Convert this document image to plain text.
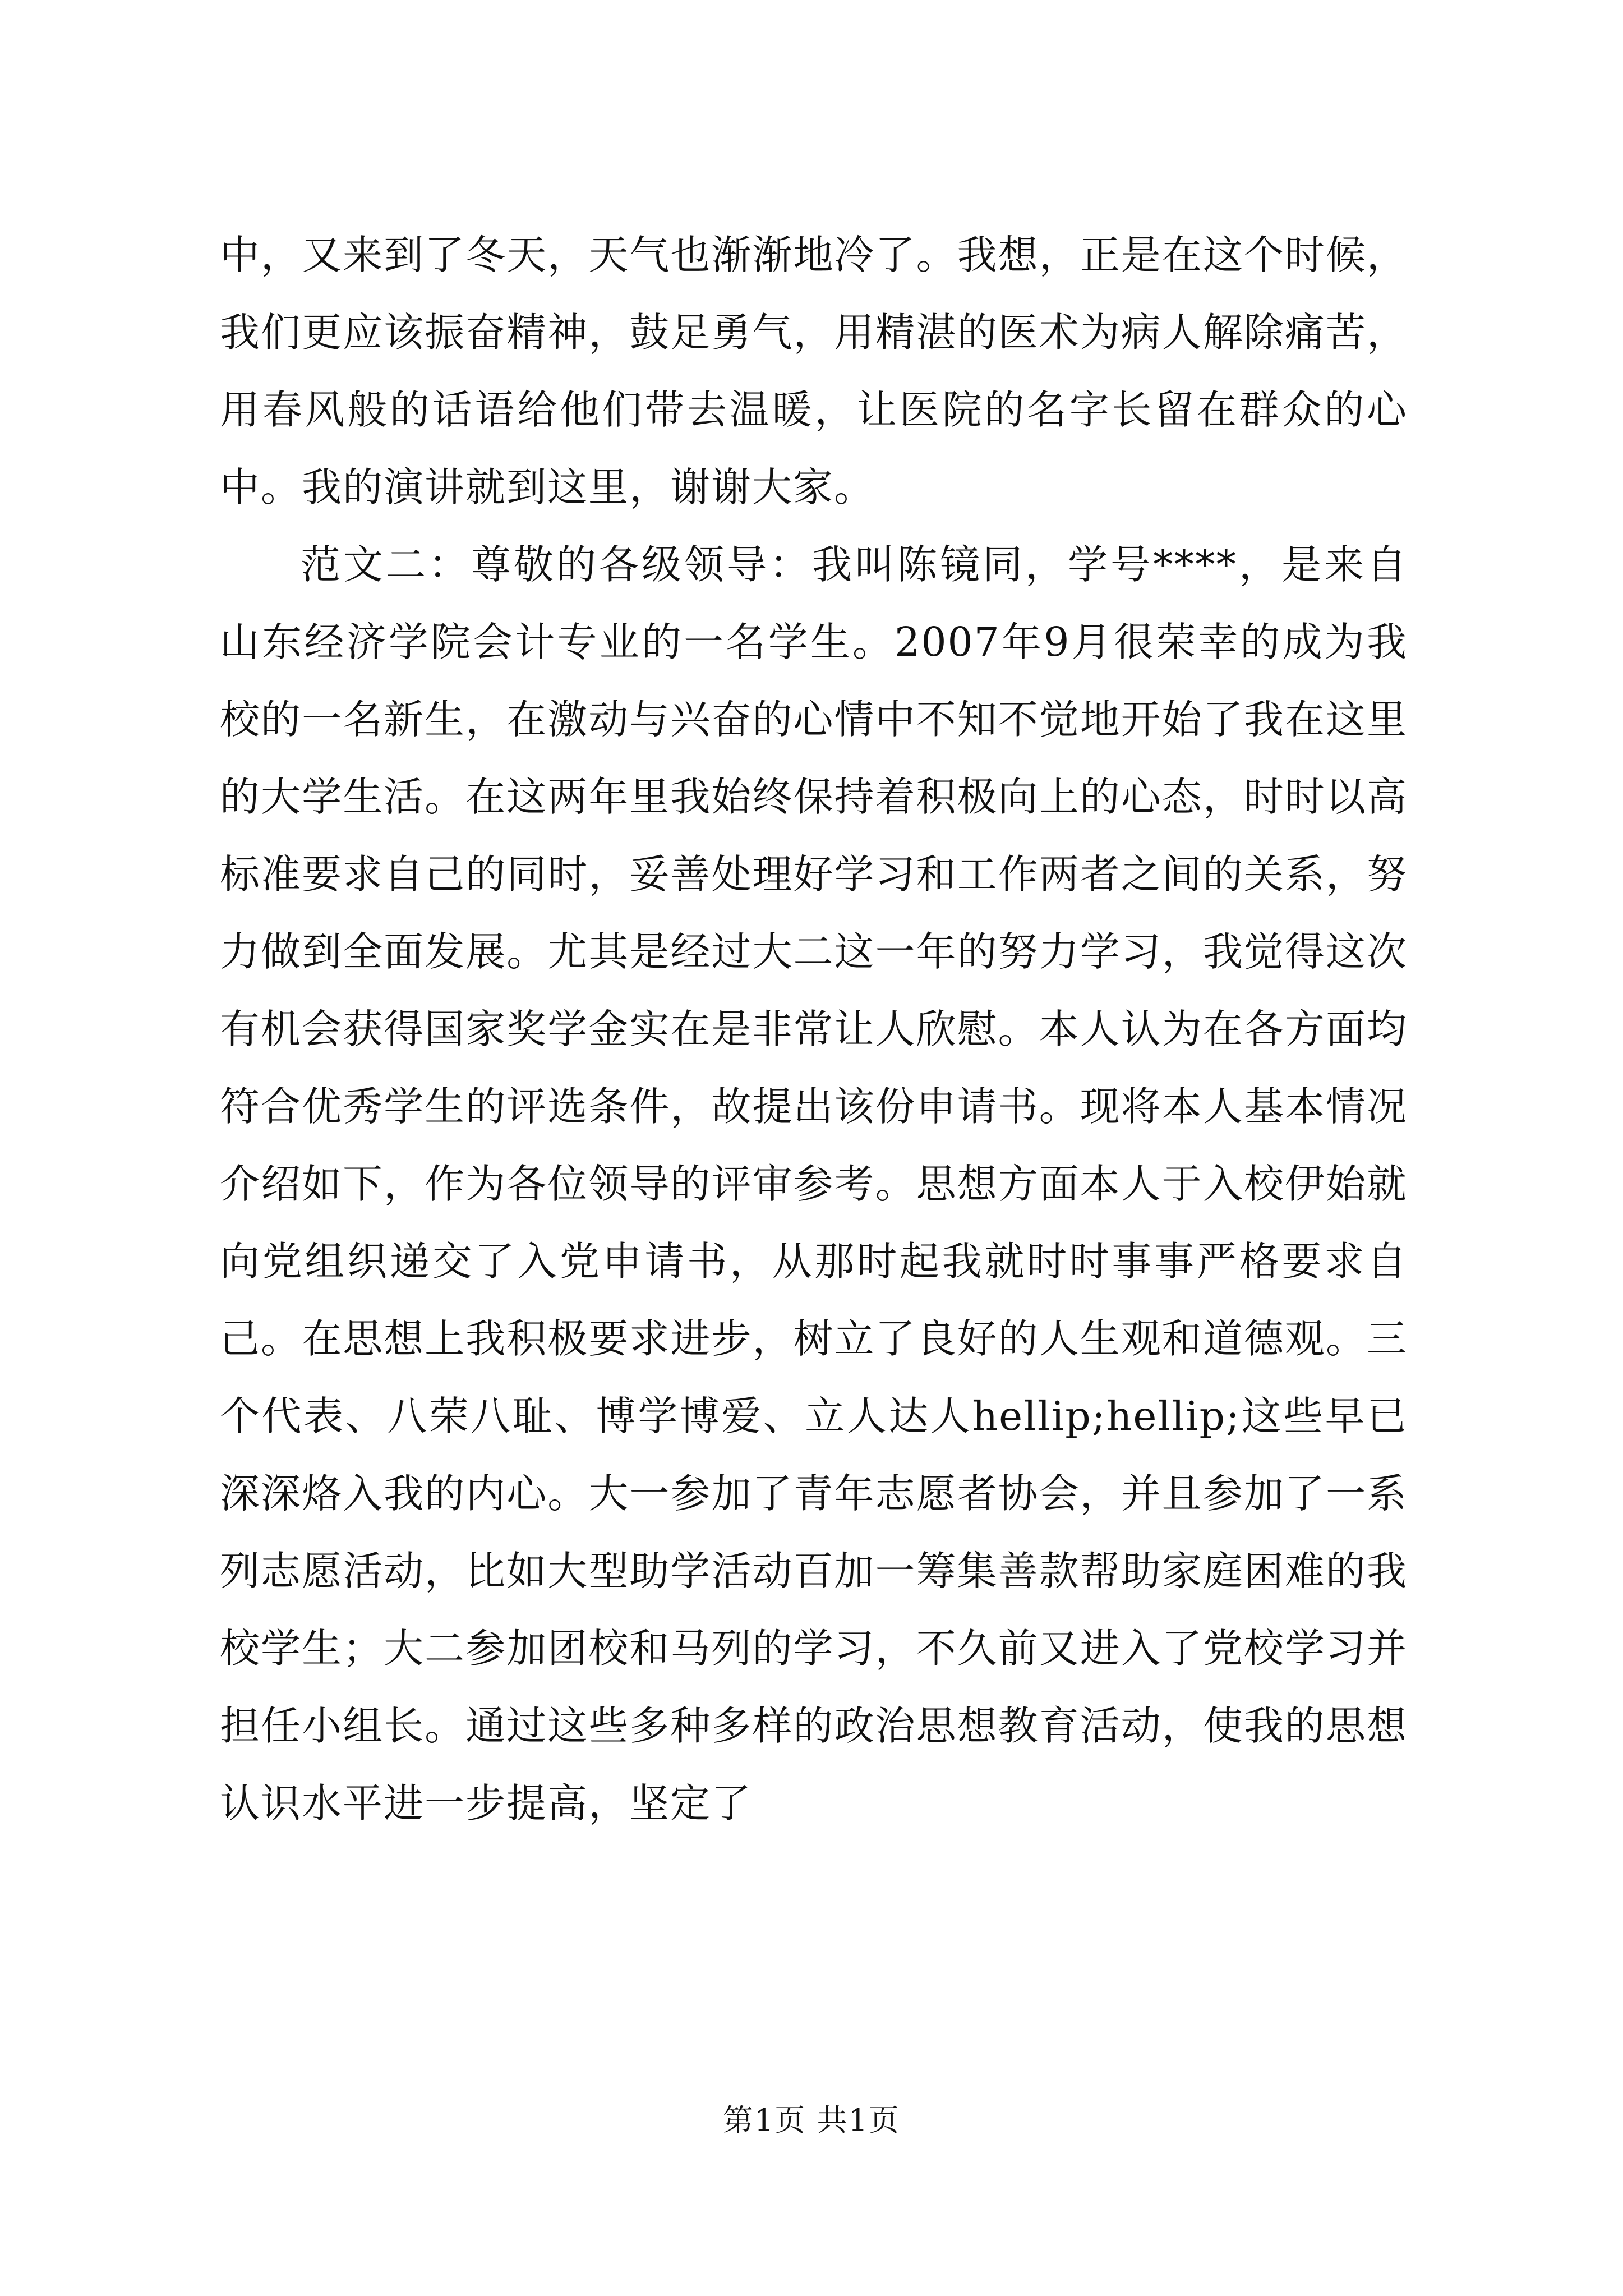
中，又来到了冬天，天气也渐渐地冷了。我想，正是在这个时候，我们更应该振奋精神，鼓足勇气，用精湛的医术为病人解除痛苦，用春风般的话语给他们带去温暖，让医院的名字长留在群众的心中。我的演讲就到这里，谢谢大家。

范文二：尊敬的各级领导：我叫陈镜同，学号****，是来自山东经济学院会计专业的一名学生。2007年9月很荣幸的成为我校的一名新生，在激动与兴奋的心情中不知不觉地开始了我在这里的大学生活。在这两年里我始终保持着积极向上的心态，时时以高标准要求自己的同时，妥善处理好学习和工作两者之间的关系，努力做到全面发展。尤其是经过大二这一年的努力学习，我觉得这次有机会获得国家奖学金实在是非常让人欣慰。本人认为在各方面均符合优秀学生的评选条件，故提出该份申请书。现将本人基本情况介绍如下，作为各位领导的评审参考。思想方面本人于入校伊始就向党组织递交了入党申请书，从那时起我就时时事事严格要求自己。在思想上我积极要求进步，树立了良好的人生观和道德观。三个代表、八荣八耻、博学博爱、立人达人hellip;hellip;这些早已深深烙入我的内心。大一参加了青年志愿者协会，并且参加了一系列志愿活动，比如大型助学活动百加一筹集善款帮助家庭困难的我校学生；大二参加团校和马列的学习，不久前又进入了党校学习并担任小组长。通过这些多种多样的政治思想教育活动，使我的思想认识水平进一步提高，坚定了

第1页 共1页
